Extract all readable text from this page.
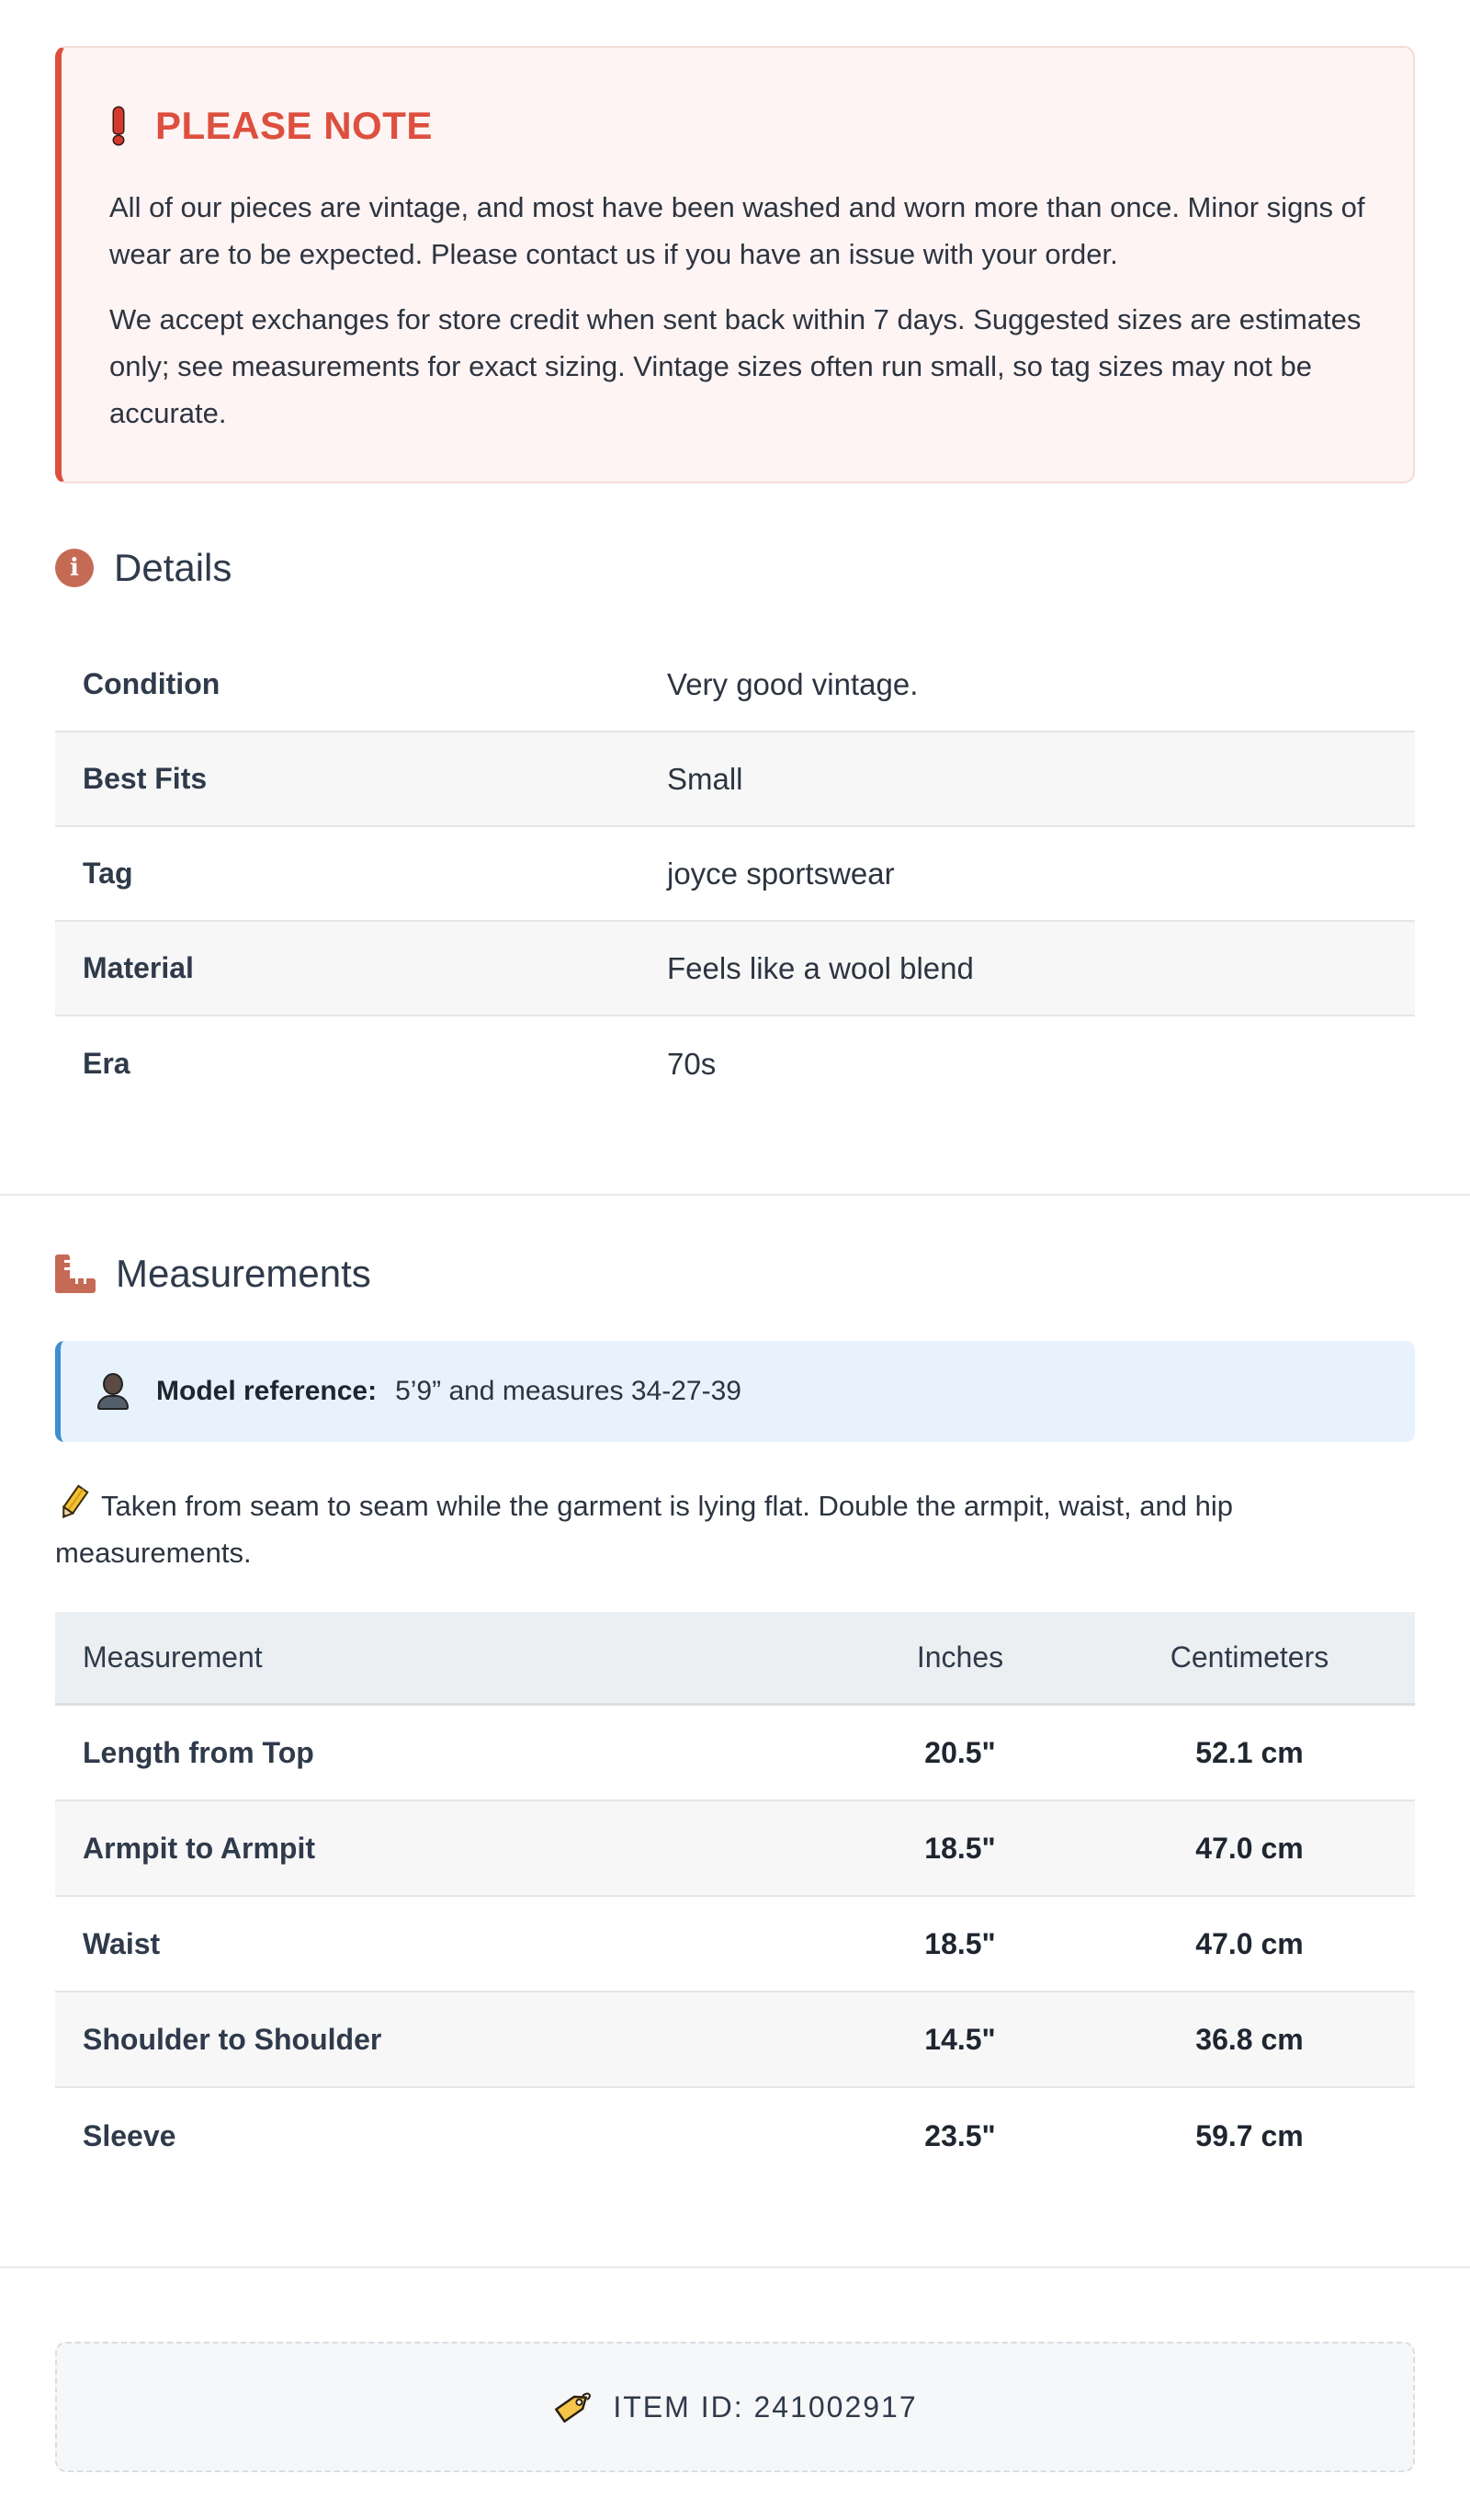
PLEASE NOTE

All of our pieces are vintage, and most have been washed and worn more than once. Minor signs of wear are to be expected. Please contact us if you have an issue with your order.

We accept exchanges for store credit when sent back within 7 days. Suggested sizes are estimates only; see measurements for exact sizing. Vintage sizes often run small, so tag sizes may not be accurate.

i Details
Condition	Very good vintage.
Best Fits	Small
Tag	joyce sportswear
Material	Feels like a wool blend
Era	70s
Measurements
Model reference: 5’9” and measures 34-27-39
Taken from seam to seam while the garment is lying flat. Double the armpit, waist, and hip measurements.
Measurement	Inches	Centimeters
Length from Top	20.5"	52.1 cm
Armpit to Armpit	18.5"	47.0 cm
Waist	18.5"	47.0 cm
Shoulder to Shoulder	14.5"	36.8 cm
Sleeve	23.5"	59.7 cm
ITEM ID: 241002917
